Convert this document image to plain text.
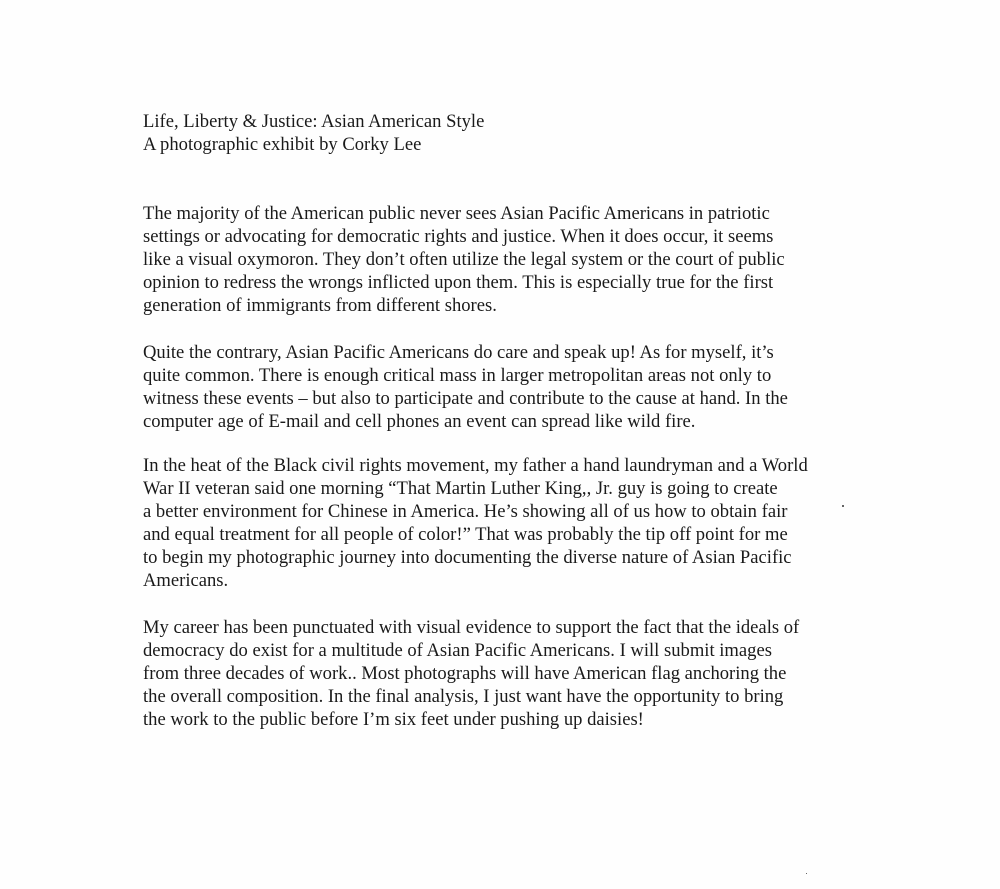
Life, Liberty & Justice: Asian American Style
A photographic exhibit by Corky Lee
The majority of the American public never sees Asian Pacific Americans in patriotic
settings or advocating for democratic rights and justice. When it does occur, it seems
like a visual oxymoron. They don’t often utilize the legal system or the court of public
opinion to redress the wrongs inflicted upon them. This is especially true for the first
generation of immigrants from different shores.
Quite the contrary, Asian Pacific Americans do care and speak up! As for myself, it’s
quite common. There is enough critical mass in larger metropolitan areas not only to
witness these events – but also to participate and contribute to the cause at hand. In the
computer age of E-mail and cell phones an event can spread like wild fire.
In the heat of the Black civil rights movement, my father a hand laundryman and a World
War II veteran said one morning “That Martin Luther King,, Jr. guy is going to create
a better environment for Chinese in America. He’s showing all of us how to obtain fair
and equal treatment for all people of color!” That was probably the tip off point for me
to begin my photographic journey into documenting the diverse nature of Asian Pacific
Americans.
My career has been punctuated with visual evidence to support the fact that the ideals of
democracy do exist for a multitude of Asian Pacific Americans. I will submit images
from three decades of work.. Most photographs will have American flag anchoring the
the overall composition. In the final analysis, I just want have the opportunity to bring
the work to the public before I’m six feet under pushing up daisies!
